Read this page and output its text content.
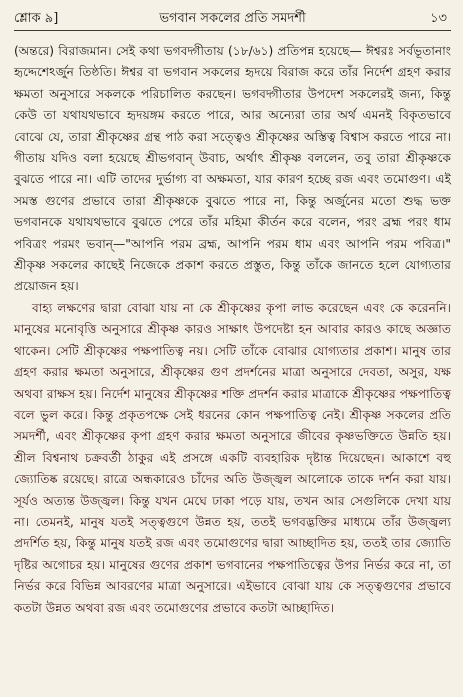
শ্লোক ৯]	ভগবান সকলের প্রতি সমদর্শী	১৩

(অন্তরে) বিরাজমান। সেই কথা ভগবদ্গীতায় (১৮/৬১) প্রতিপন্ন হয়েছে— ঈশ্বরঃ সর্বভূতানাং হৃদ্দেশেঽর্জুন তিষ্ঠতি। ঈশ্বর বা ভগবান সকলের হৃদয়ে বিরাজ করে তাঁর নির্দেশ গ্রহণ করার ক্ষমতা অনুসারে সকলকে পরিচালিত করছেন। ভগবদ্গীতার উপদেশ সকলেরই জন্য, কিন্তু কেউ তা যথাযথভাবে হৃদয়ঙ্গম করতে পারে, আর অন্যেরা তার অর্থ এমনই বিকৃতভাবে বোঝে যে, তারা শ্রীকৃষ্ণের গ্রন্থ পাঠ করা সত্ত্বেও শ্রীকৃষ্ণের অস্তিত্ব বিশ্বাস করতে পারে না। গীতায় যদিও বলা হয়েছে শ্রীভগবান্ উবাচ, অর্থাৎ শ্রীকৃষ্ণ বললেন, তবু তারা শ্রীকৃষ্ণকে বুঝতে পারে না। এটি তাদের দুর্ভাগ্য বা অক্ষমতা, যার কারণ হচ্ছে রজ এবং তমোগুণ। এই সমস্ত গুণের প্রভাবে তারা শ্রীকৃষ্ণকে বুঝতে পারে না, কিন্তু অর্জুনের মতো শুদ্ধ ভক্ত ভগবানকে যথাযথভাবে বুঝতে পেরে তাঁর মহিমা কীর্তন করে বলেন, পরং ব্রহ্ম পরং ধাম পবিত্রং পরমং ভবান্—"আপনি পরম ব্রহ্ম, আপনি পরম ধাম এবং আপনি পরম পবিত্র।" শ্রীকৃষ্ণ সকলের কাছেই নিজেকে প্রকাশ করতে প্রস্তুত, কিন্তু তাঁকে জানতে হলে যোগ্যতার প্রয়োজন হয়।

বাহ্য লক্ষণের দ্বারা বোঝা যায় না কে শ্রীকৃষ্ণের কৃপা লাভ করেছেন এবং কে করেননি। মানুষের মনোবৃত্তি অনুসারে শ্রীকৃষ্ণ কারও সাক্ষাৎ উপদেষ্টা হন আবার কারও কাছে অজ্ঞাত থাকেন। সেটি শ্রীকৃষ্ণের পক্ষপাতিত্ব নয়। সেটি তাঁকে বোঝার যোগ্যতার প্রকাশ। মানুষ তার গ্রহণ করার ক্ষমতা অনুসারে, শ্রীকৃষ্ণের গুণ প্রদর্শনের মাত্রা অনুসারে দেবতা, অসুর, যক্ষ অথবা রাক্ষস হয়। নির্দেশ মানুষের শ্রীকৃষ্ণের শক্তি প্রদর্শন করার মাত্রাকে শ্রীকৃষ্ণের পক্ষপাতিত্ব বলে ভুল করে। কিন্তু প্রকৃতপক্ষে সেই ধরনের কোন পক্ষপাতিত্ব নেই। শ্রীকৃষ্ণ সকলের প্রতি সমদর্শী, এবং শ্রীকৃষ্ণের কৃপা গ্রহণ করার ক্ষমতা অনুসারে জীবের কৃষ্ণভক্তিতে উন্নতি হয়। শ্রীল বিশ্বনাথ চক্রবর্তী ঠাকুর এই প্রসঙ্গে একটি ব্যবহারিক দৃষ্টান্ত দিয়েছেন। আকাশে বহু জ্যোতিষ্ক রয়েছে। রাত্রে অন্ধকারেও চাঁদের অতি উজ্জ্বল আলোকে তাকে দর্শন করা যায়। সূর্যও অত্যন্ত উজ্জ্বল। কিন্তু যখন মেঘে ঢাকা পড়ে যায়, তখন আর সেগুলিকে দেখা যায় না। তেমনই, মানুষ যতই সত্ত্বগুণে উন্নত হয়, ততই ভগবদ্ভক্তির মাধ্যমে তাঁর উজ্জ্বল্য প্রদর্শিত হয়, কিন্তু মানুষ যতই রজ এবং তমোগুণের দ্বারা আচ্ছাদিত হয়, ততই তার জ্যোতি দৃষ্টির অগোচর হয়। মানুষের গুণের প্রকাশ ভগবানের পক্ষপাতিত্বের উপর নির্ভর করে না, তা নির্ভর করে বিভিন্ন আবরণের মাত্রা অনুসারে। এইভাবে বোঝা যায় কে সত্ত্বগুণের প্রভাবে কতটা উন্নত অথবা রজ এবং তমোগুণের প্রভাবে কতটা আচ্ছাদিত।
